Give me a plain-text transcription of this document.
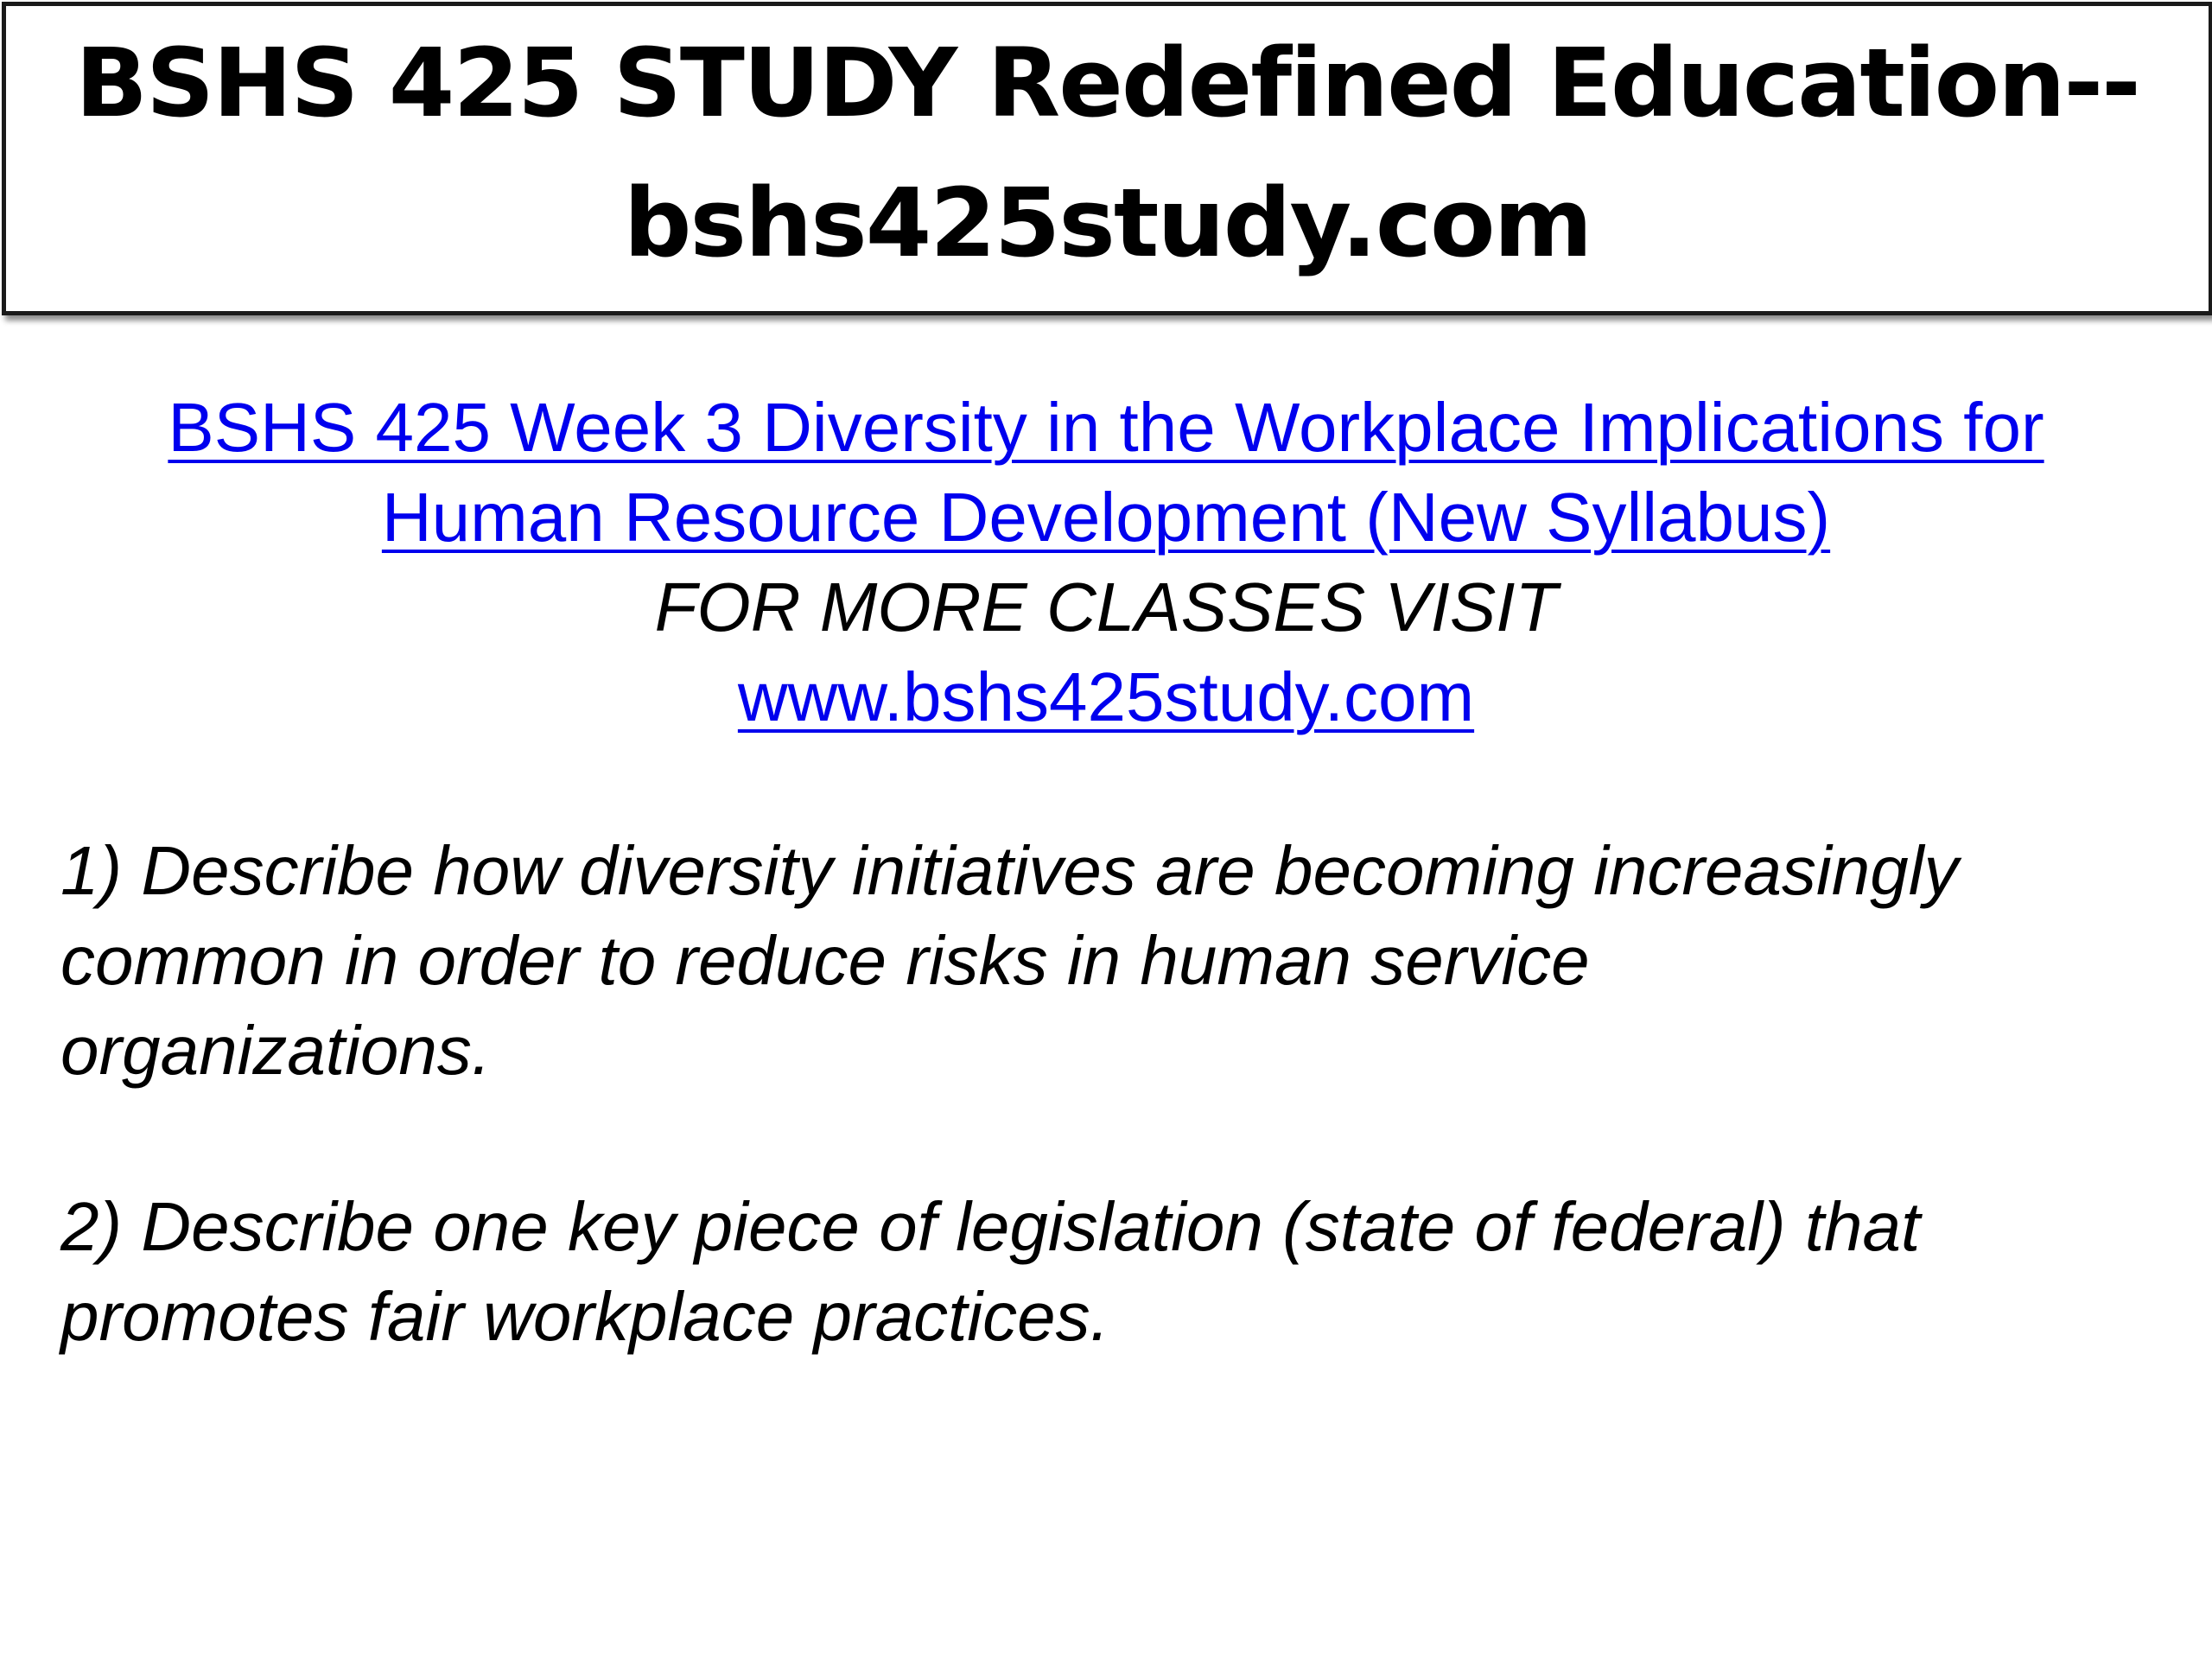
BSHS 425 STUDY Redefined Education--
bshs425study.com
BSHS 425 Week 3 Diversity in the Workplace Implications for
Human Resource Development (New Syllabus)
FOR MORE CLASSES VISIT
www.bshs425study.com

1) Describe how diversity initiatives are becoming increasingly
common in order to reduce risks in human service
organizations.

2) Describe one key piece of legislation (state of federal) that
promotes fair workplace practices.
